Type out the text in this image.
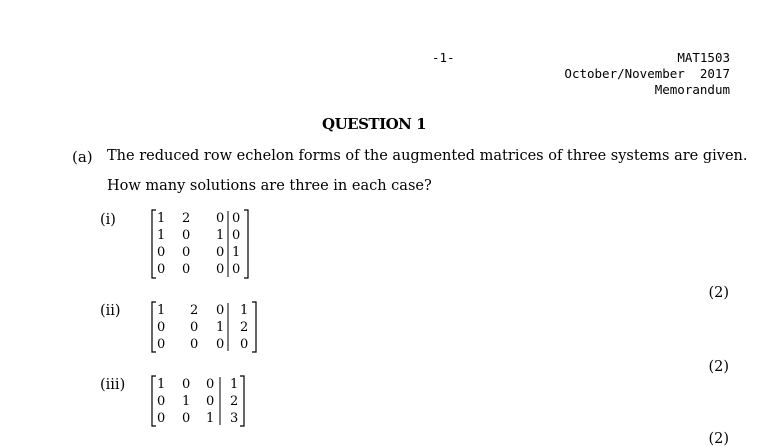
-1-	MAT1503
October/November  2017
Memorandum
QUESTION 1
(a) The reduced row echelon forms of the augmented matrices of three systems are given.
How many solutions are three in each case?
(i)	1 2 0 0
1 0 1 0
0 0 0 1
0 0 0 0
(2)
(ii)	1 2 0 1
0 0 1 2
0 0 0 0
(2)
(iii) 1 0 0 1
0 1 0 2
0 0 1 3
(2)
